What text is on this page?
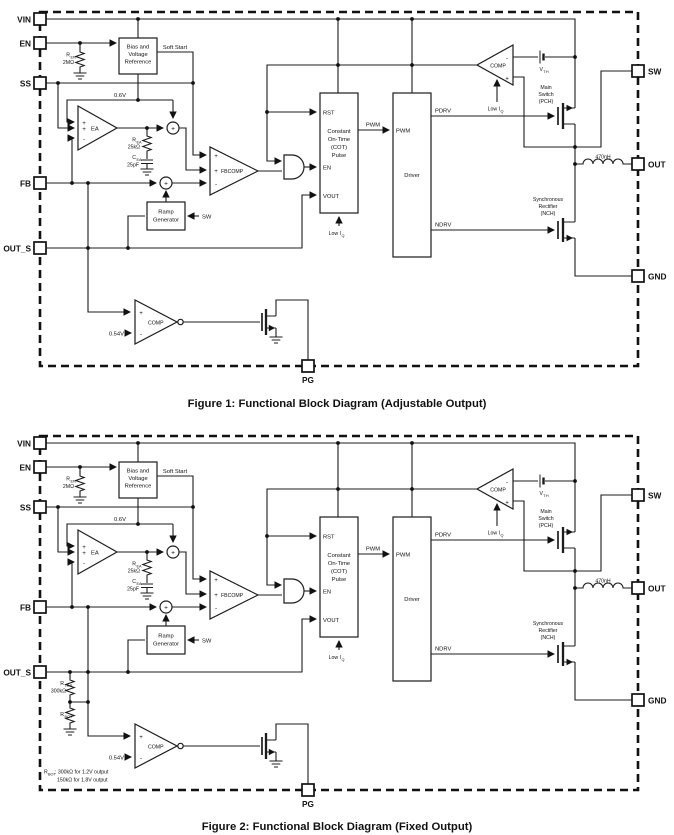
Bias and
Voltage
Reference
Soft Start
0.6V
+
+
-
EA
R EA
25kΩ
C EA
25pF
+
+
+
+
-
FBCOMP
Ramp
Generator	SW
RST
Constant
On-Time
(COT)
Pulse
EN
VOUT
Low I Q
PWM
PWM
Driver
PDRV
NDRV
COMP
-
+
Low I Q
V TH
Main
Switch
(PCH)
Synchronous
Rectifier
(NCH)
470nH
+
-
COMP
0.54V
R EN
2MΩ
VIN
EN
SS
FB
OUT_S
SW
OUT
GND
PG
Figure 1: Functional Block Diagram (Adjustable Output)
R TOP
300kΩ
R BOT
R BOT : 300kΩ for 1.2V output
150kΩ for 1.8V output
Figure 2: Functional Block Diagram (Fixed Output)
